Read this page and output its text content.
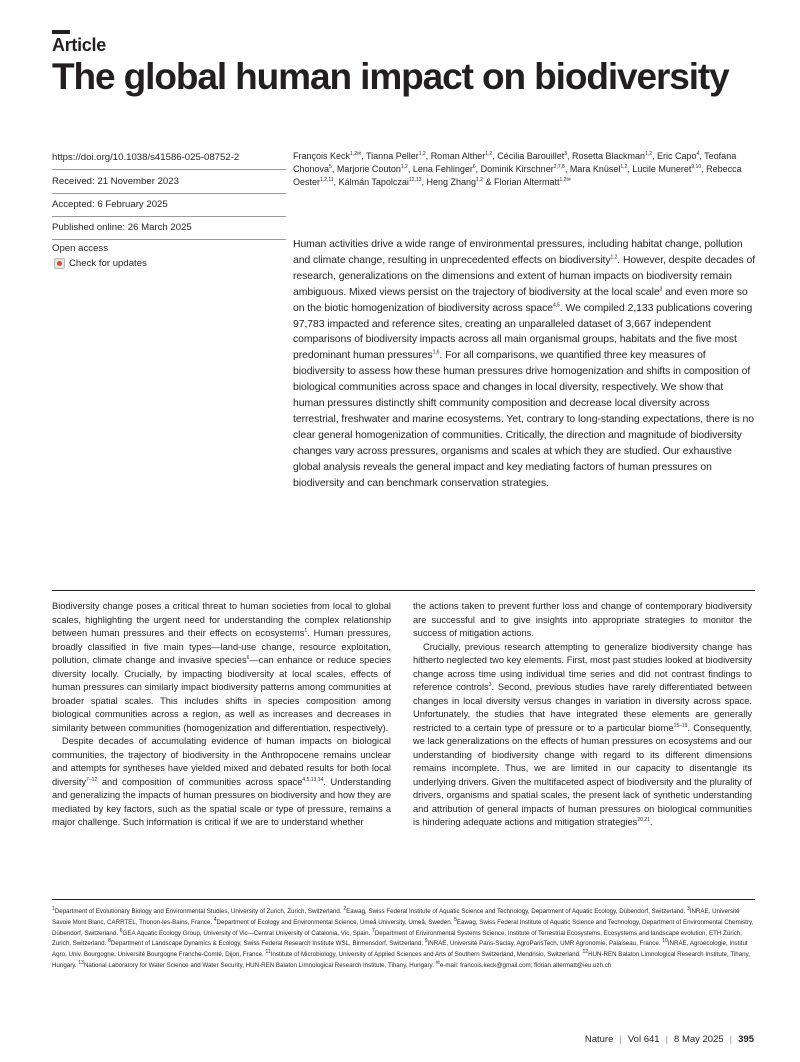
Article
The global human impact on biodiversity
https://doi.org/10.1038/s41586-025-08752-2
Received: 21 November 2023
Accepted: 6 February 2025
Published online: 26 March 2025
Open access
Check for updates
François Keck$^{1,2✉}$, Tianna Peller$^{1,2}$, Roman Alther$^{1,2}$, Cécilia Barouillet$^3$, Rosetta Blackman$^{1,2}$, Eric Capo$^4$, Teofana Chonova$^5$, Marjorie Couton$^{1,2}$, Lena Fehlinger$^6$, Dominik Kirschner$^{2,7,8}$, Mara Knüsel$^{1,2}$, Lucile Muneret$^{9,10}$, Rebecca Oester$^{1,2,11}$, Kálmán Tapolczai$^{12,13}$, Heng Zhang$^{1,2}$ & Florian Altermatt$^{1,2✉}$
Human activities drive a wide range of environmental pressures, including habitat change, pollution and climate change, resulting in unprecedented effects on biodiversity$^{1,2}$. However, despite decades of research, generalizations on the dimensions and extent of human impacts on biodiversity remain ambiguous. Mixed views persist on the trajectory of biodiversity at the local scale$^3$ and even more so on the biotic homogenization of biodiversity across space$^{4,5}$. We compiled 2,133 publications covering 97,783 impacted and reference sites, creating an unparalleled dataset of 3,667 independent comparisons of biodiversity impacts across all main organismal groups, habitats and the five most predominant human pressures$^{1,6}$. For all comparisons, we quantified three key measures of biodiversity to assess how these human pressures drive homogenization and shifts in composition of biological communities across space and changes in local diversity, respectively. We show that human pressures distinctly shift community composition and decrease local diversity across terrestrial, freshwater and marine ecosystems. Yet, contrary to long-standing expectations, there is no clear general homogenization of communities. Critically, the direction and magnitude of biodiversity changes vary across pressures, organisms and scales at which they are studied. Our exhaustive global analysis reveals the general impact and key mediating factors of human pressures on biodiversity and can benchmark conservation strategies.

Biodiversity change poses a critical threat to human societies from local to global scales, highlighting the urgent need for understanding the complex relationship between human pressures and their effects on ecosystems$^1$. Human pressures, broadly classified in five main types—land-use change, resource exploitation, pollution, climate change and invasive species$^6$—can enhance or reduce species diversity locally. Crucially, by impacting biodiversity at local scales, effects of human pressures can similarly impact biodiversity patterns among communities at broader spatial scales. This includes shifts in species composition among biological communities across a region, as well as increases and decreases in similarity between communities (homogenization and differentiation, respectively).

Despite decades of accumulating evidence of human impacts on biological communities, the trajectory of biodiversity in the Anthropocene remains unclear and attempts for syntheses have yielded mixed and debated results for both local diversity$^{7-12}$ and composition of communities across space$^{4,5,13,14}$. Understanding and generalizing the impacts of human pressures on biodiversity and how they are mediated by key factors, such as the spatial scale or type of pressure, remains a major challenge. Such information is critical if we are to understand whether

the actions taken to prevent further loss and change of contemporary biodiversity are successful and to give insights into appropriate strategies to monitor the success of mitigation actions.

Crucially, previous research attempting to generalize biodiversity change has hitherto neglected two key elements. First, most past studies looked at biodiversity change across time using individual time series and did not contrast findings to reference controls$^3$. Second, previous studies have rarely differentiated between changes in local diversity versus changes in variation in diversity across space. Unfortunately, the studies that have integrated these elements are generally restricted to a certain type of pressure or to a particular biome$^{15-19}$. Consequently, we lack generalizations on the effects of human pressures on ecosystems and our understanding of biodiversity change with regard to its different dimensions remains incomplete. Thus, we are limited in our capacity to disentangle its underlying drivers. Given the multifaceted aspect of biodiversity and the plurality of drivers, organisms and spatial scales, the present lack of synthetic understanding and attribution of general impacts of human pressures on biological communities is hindering adequate actions and mitigation strategies$^{20,21}$.

$^1$Department of Evolutionary Biology and Environmental Studies, University of Zurich, Zurich, Switzerland. $^2$Eawag, Swiss Federal Institute of Aquatic Science and Technology, Department of Aquatic Ecology, Dübendorf, Switzerland. $^3$INRAE, Université Savoie Mont Blanc, CARRTEL, Thonon-les-Bains, France. $^4$Department of Ecology and Environmental Science, Umeå University, Umeå, Sweden. $^5$Eawag, Swiss Federal Institute of Aquatic Science and Technology, Department of Environmental Chemistry, Dübendorf, Switzerland. $^6$GEA Aquatic Ecology Group, University of Vic—Central University of Catalonia, Vic, Spain. $^7$Department of Environmental Systems Science, Institute of Terrestrial Ecosystems, Ecosystems and landscape evolution, ETH Zürich, Zurich, Switzerland. $^8$Department of Landscape Dynamics & Ecology, Swiss Federal Research Institute WSL, Birmensdorf, Switzerland. $^9$INRAE, Université Paris-Saclay, AgroParisTech, UMR Agronomie, Palaiseau, France. $^{10}$INRAE, Agroécologie, Institut Agro, Univ. Bourgogne, Université Bourgogne Franche-Comté, Dijon, France. $^{11}$Institute of Microbiology, University of Applied Sciences and Arts of Southern Switzerland, Mendrisio, Switzerland. $^{12}$HUN-REN Balaton Limnological Research Institute, Tihany, Hungary. $^{13}$National Laboratory for Water Science and Water Security, HUN-REN Balaton Limnological Research Institute, Tihany, Hungary. ✉e-mail: francois.keck@gmail.com; florian.altermatt@ieu.uzh.ch
Nature | Vol 641 | 8 May 2025 | 395
